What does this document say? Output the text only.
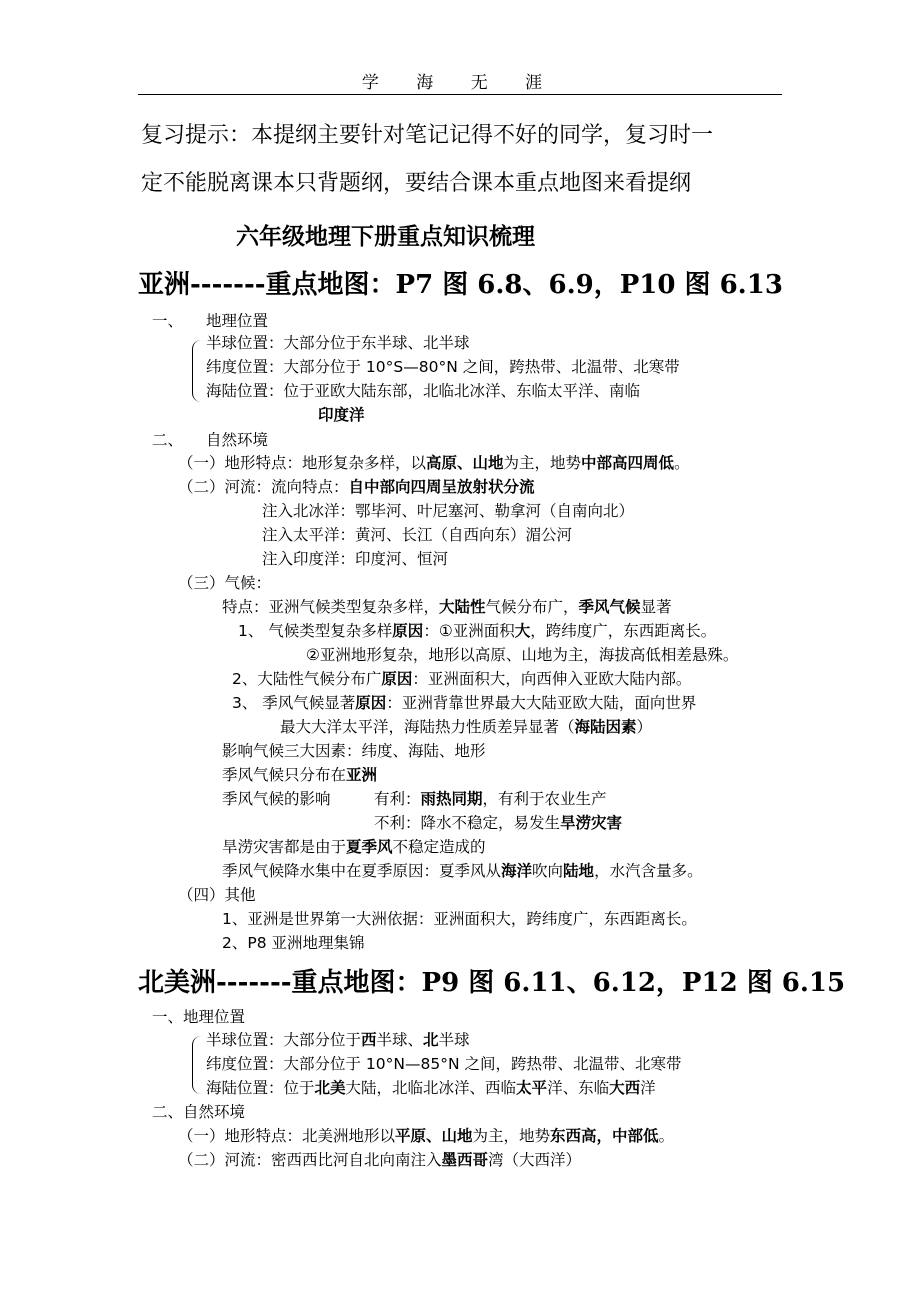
学 海 无 涯
复习提示：本提纲主要针对笔记记得不好的同学，复习时一
定不能脱离课本只背题纲，要结合课本重点地图来看提纲
六年级地理下册重点知识梳理
亚洲-------重点地图：P7 图 6.8、6.9，P10 图 6.13
一、 地理位置
半球位置：大部分位于东半球、北半球
纬度位置：大部分位于 10°S—80°N 之间，跨热带、北温带、北寒带
海陆位置：位于亚欧大陆东部，北临北冰洋、东临太平洋、南临
印度洋
二、 自然环境
（一）地形特点：地形复杂多样，以高原、山地为主，地势中部高四周低。
（二）河流：流向特点：自中部向四周呈放射状分流
注入北冰洋：鄂毕河、叶尼塞河、勒拿河（自南向北）
注入太平洋：黄河、长江（自西向东）湄公河
注入印度洋：印度河、恒河
（三）气候：
特点：亚洲气候类型复杂多样，大陆性气候分布广，季风气候显著
1、 气候类型复杂多样原因：①亚洲面积大，跨纬度广，东西距离长。
②亚洲地形复杂，地形以高原、山地为主，海拔高低相差悬殊。
2、大陆性气候分布广原因：亚洲面积大，向西伸入亚欧大陆内部。
3、 季风气候显著原因：亚洲背靠世界最大大陆亚欧大陆，面向世界
最大大洋太平洋，海陆热力性质差异显著（海陆因素）
影响气候三大因素：纬度、海陆、地形
季风气候只分布在亚洲
季风气候的影响	有利：雨热同期，有利于农业生产
不利：降水不稳定，易发生旱涝灾害
旱涝灾害都是由于夏季风不稳定造成的
季风气候降水集中在夏季原因：夏季风从海洋吹向陆地，水汽含量多。
（四）其他
1、亚洲是世界第一大洲依据：亚洲面积大，跨纬度广，东西距离长。
2、P8 亚洲地理集锦
北美洲-------重点地图：P9 图 6.11、6.12，P12 图 6.15
一、地理位置
半球位置：大部分位于西半球、北半球
纬度位置：大部分位于 10°N—85°N 之间，跨热带、北温带、北寒带
海陆位置：位于北美大陆，北临北冰洋、西临太平洋、东临大西洋
二、自然环境
（一）地形特点：北美洲地形以平原、山地为主，地势东西高，中部低。
（二）河流：密西西比河自北向南注入墨西哥湾（大西洋）
